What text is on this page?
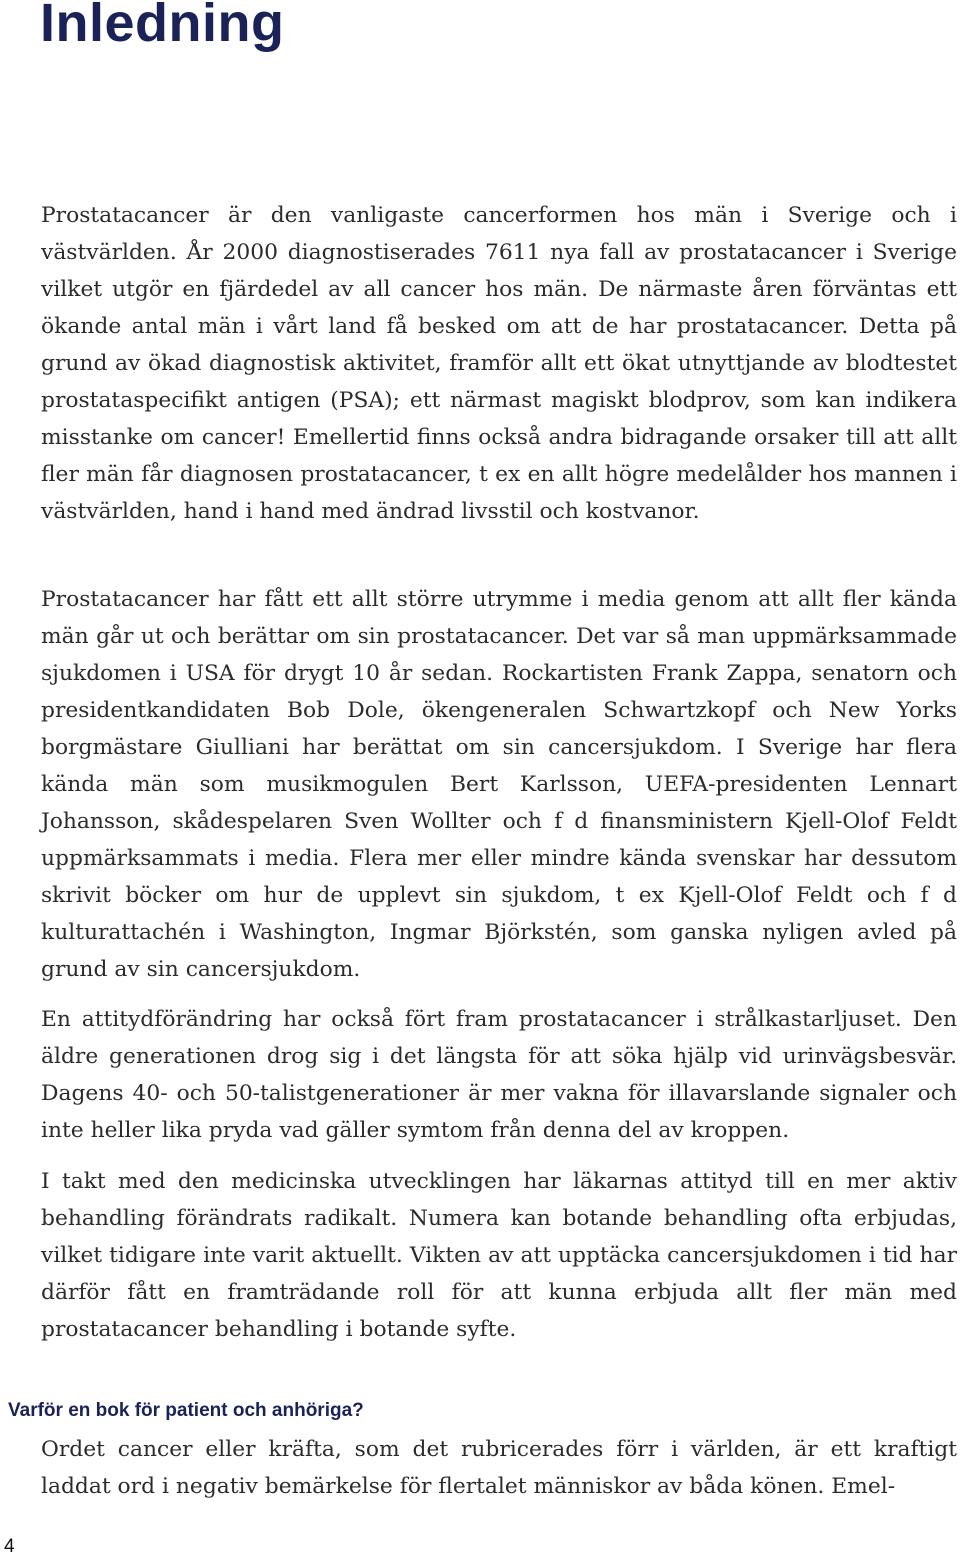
Inledning

Prostatacancer är den vanligaste cancerformen hos män i Sverige och i västvärlden. År 2000 diagnostiserades 7611 nya fall av prostatacancer i Sverige vilket utgör en fjärdedel av all cancer hos män. De närmaste åren förväntas ett ökande antal män i vårt land få besked om att de har prostatacancer. Detta på grund av ökad diagnostisk aktivitet, framför allt ett ökat utnyttjande av blodtestet prostataspecifikt antigen (PSA); ett närmast magiskt blodprov, som kan indikera misstanke om cancer! Emellertid finns också andra bidragande orsaker till att allt fler män får diagnosen prostatacancer, t ex en allt högre medelålder hos mannen i västvärlden, hand i hand med ändrad livsstil och kostvanor.

Prostatacancer har fått ett allt större utrymme i media genom att allt fler kända män går ut och berättar om sin prostatacancer. Det var så man uppmärksammade sjukdomen i USA för drygt 10 år sedan. Rockartisten Frank Zappa, senatorn och presidentkandidaten Bob Dole, ökengeneralen Schwartzkopf och New Yorks borgmästare Giulliani har berättat om sin cancersjukdom. I Sverige har flera kända män som musikmogulen Bert Karlsson, UEFA-presidenten Lennart Johansson, skådespelaren Sven Wollter och f d finansministern Kjell-Olof Feldt uppmärksammats i media. Flera mer eller mindre kända svenskar har dessutom skrivit böcker om hur de upplevt sin sjukdom, t ex Kjell-Olof Feldt och f d kulturattachén i Washington, Ingmar Björkstén, som ganska nyligen avled på grund av sin cancersjukdom.

En attitydförändring har också fört fram prostatacancer i strålkastarljuset. Den äldre generationen drog sig i det längsta för att söka hjälp vid urinvägsbesvär. Dagens 40- och 50-talistgenerationer är mer vakna för illavarslande signaler och inte heller lika pryda vad gäller symtom från denna del av kroppen.

I takt med den medicinska utvecklingen har läkarnas attityd till en mer aktiv behandling förändrats radikalt. Numera kan botande behandling ofta erbjudas, vilket tidigare inte varit aktuellt. Vikten av att upptäcka cancersjukdomen i tid har därför fått en framträdande roll för att kunna erbjuda allt fler män med prostatacancer behandling i botande syfte.

Varför en bok för patient och anhöriga?

Ordet cancer eller kräfta, som det rubricerades förr i världen, är ett kraftigt laddat ord i negativ bemärkelse för flertalet människor av båda könen. Emel-

4
